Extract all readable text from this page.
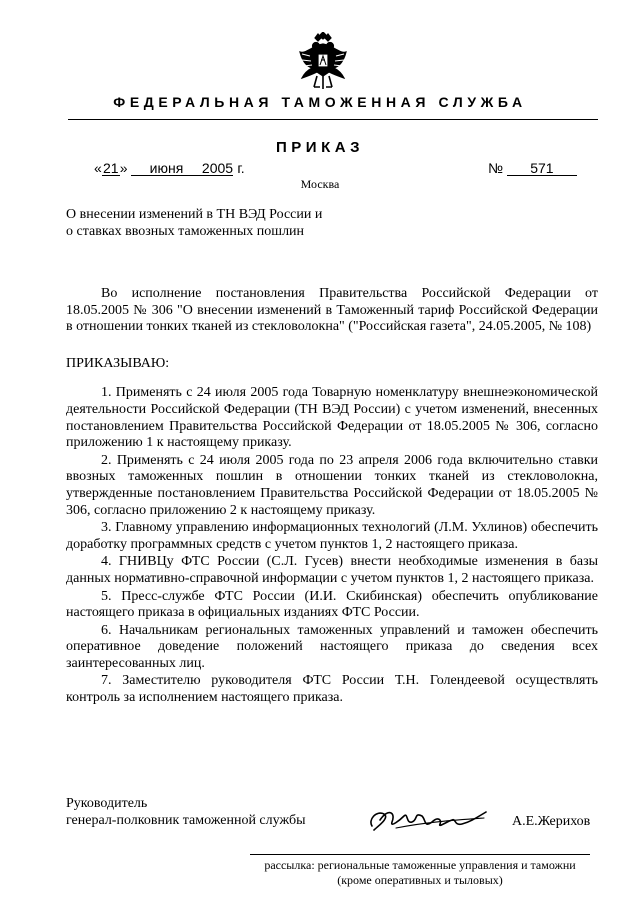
ФЕДЕРАЛЬНАЯ ТАМОЖЕННАЯ СЛУЖБА
ПРИКАЗ
«21» июня 2005 г.	№ 571
Москва
О внесении изменений в ТН ВЭД России и о ставках ввозных таможенных пошлин

Во исполнение постановления Правительства Российской Федерации от 18.05.2005 № 306 "О внесении изменений в Таможенный тариф Российской Федерации в отношении тонких тканей из стекловолокна" ("Российская газета", 24.05.2005, № 108)

ПРИКАЗЫВАЮ:

1. Применять с 24 июля 2005 года Товарную номенклатуру внешнеэкономической деятельности Российской Федерации (ТН ВЭД России) с учетом изменений, внесенных постановлением Правительства Российской Федерации от 18.05.2005 № 306, согласно приложению 1 к настоящему приказу.

2. Применять с 24 июля 2005 года по 23 апреля 2006 года включительно ставки ввозных таможенных пошлин в отношении тонких тканей из стекловолокна, утвержденные постановлением Правительства Российской Федерации от 18.05.2005 № 306, согласно приложению 2 к настоящему приказу.

3. Главному управлению информационных технологий (Л.М. Ухлинов) обеспечить доработку программных средств с учетом пунктов 1, 2 настоящего приказа.

4. ГНИВЦу ФТС России (С.Л. Гусев) внести необходимые изменения в базы данных нормативно-справочной информации с учетом пунктов 1, 2 настоящего приказа.

5. Пресс-службе ФТС России (И.И. Скибинская) обеспечить опубликование настоящего приказа в официальных изданиях ФТС России.

6. Начальникам региональных таможенных управлений и таможен обеспечить оперативное доведение положений настоящего приказа до сведения всех заинтересованных лиц.

7. Заместителю руководителя ФТС России Т.Н. Голендеевой осуществлять контроль за исполнением настоящего приказа.

Руководитель
генерал-полковник таможенной службы	А.Е.Жерихов
рассылка: региональные таможенные управления и таможни
(кроме оперативных и тыловых)
